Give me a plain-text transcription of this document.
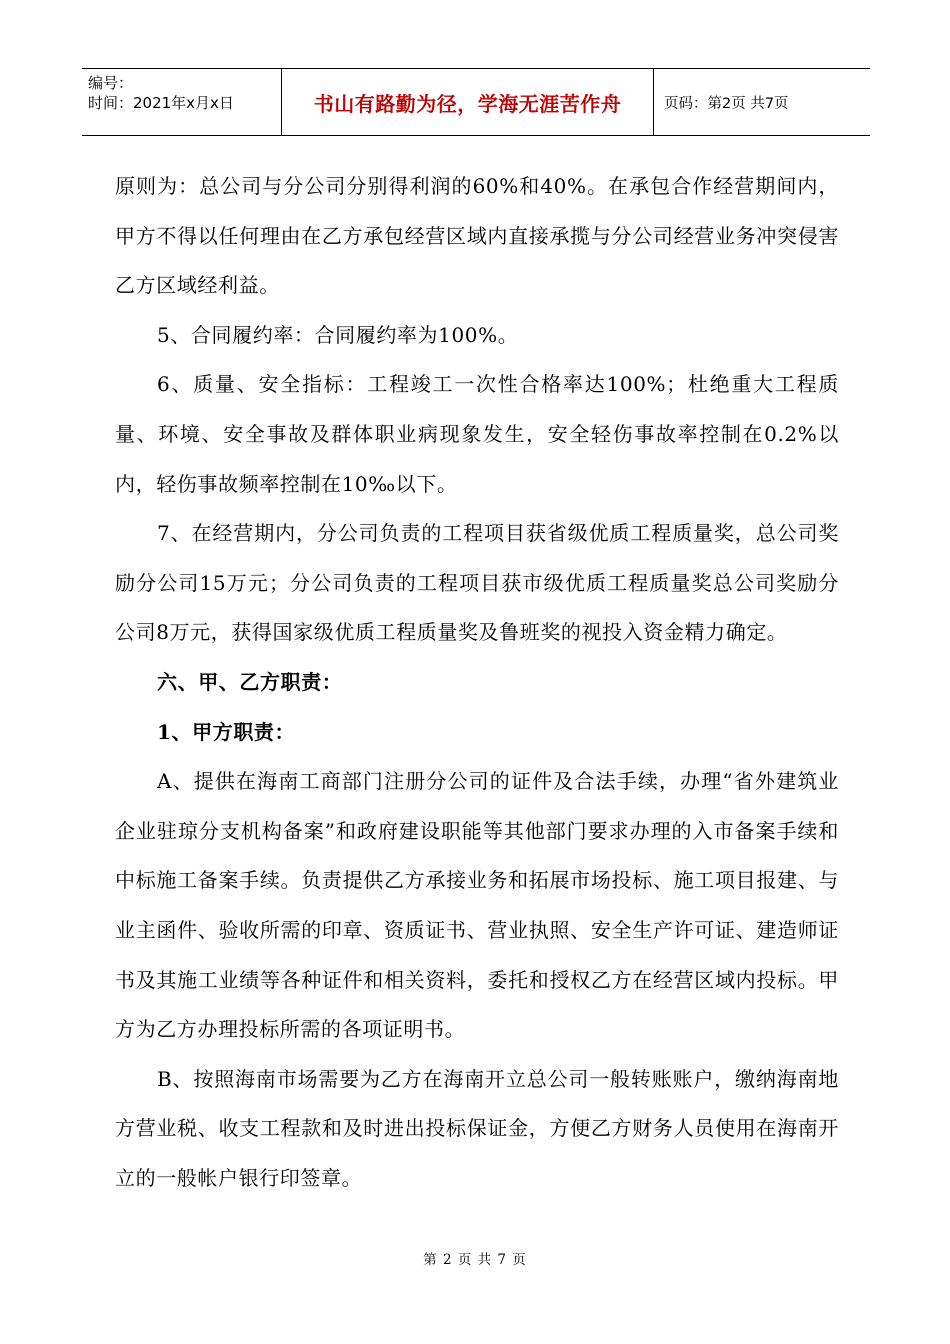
编号：
时间：2021年x月x日	书山有路勤为径，学海无涯苦作舟	页码：第2页 共7页

原则为：总公司与分公司分别得利润的60%和40%。在承包合作经营期间内，甲方不得以任何理由在乙方承包经营区域内直接承揽与分公司经营业务冲突侵害乙方区域经利益。

5、合同履约率：合同履约率为100%。

6、质量、安全指标：工程竣工一次性合格率达100%；杜绝重大工程质量、环境、安全事故及群体职业病现象发生，安全轻伤事故率控制在0.2%以内，轻伤事故频率控制在10‰以下。

7、在经营期内，分公司负责的工程项目获省级优质工程质量奖，总公司奖励分公司15万元；分公司负责的工程项目获市级优质工程质量奖总公司奖励分公司8万元，获得国家级优质工程质量奖及鲁班奖的视投入资金精力确定。

六、甲、乙方职责：

1、甲方职责：

A、提供在海南工商部门注册分公司的证件及合法手续，办理“省外建筑业企业驻琼分支机构备案”和政府建设职能等其他部门要求办理的入市备案手续和中标施工备案手续。负责提供乙方承接业务和拓展市场投标、施工项目报建、与业主函件、验收所需的印章、资质证书、营业执照、安全生产许可证、建造师证书及其施工业绩等各种证件和相关资料，委托和授权乙方在经营区域内投标。甲方为乙方办理投标所需的各项证明书。

B、按照海南市场需要为乙方在海南开立总公司一般转账账户，缴纳海南地方营业税、收支工程款和及时进出投标保证金，方便乙方财务人员使用在海南开立的一般帐户银行印签章。

第 2 页 共 7 页
